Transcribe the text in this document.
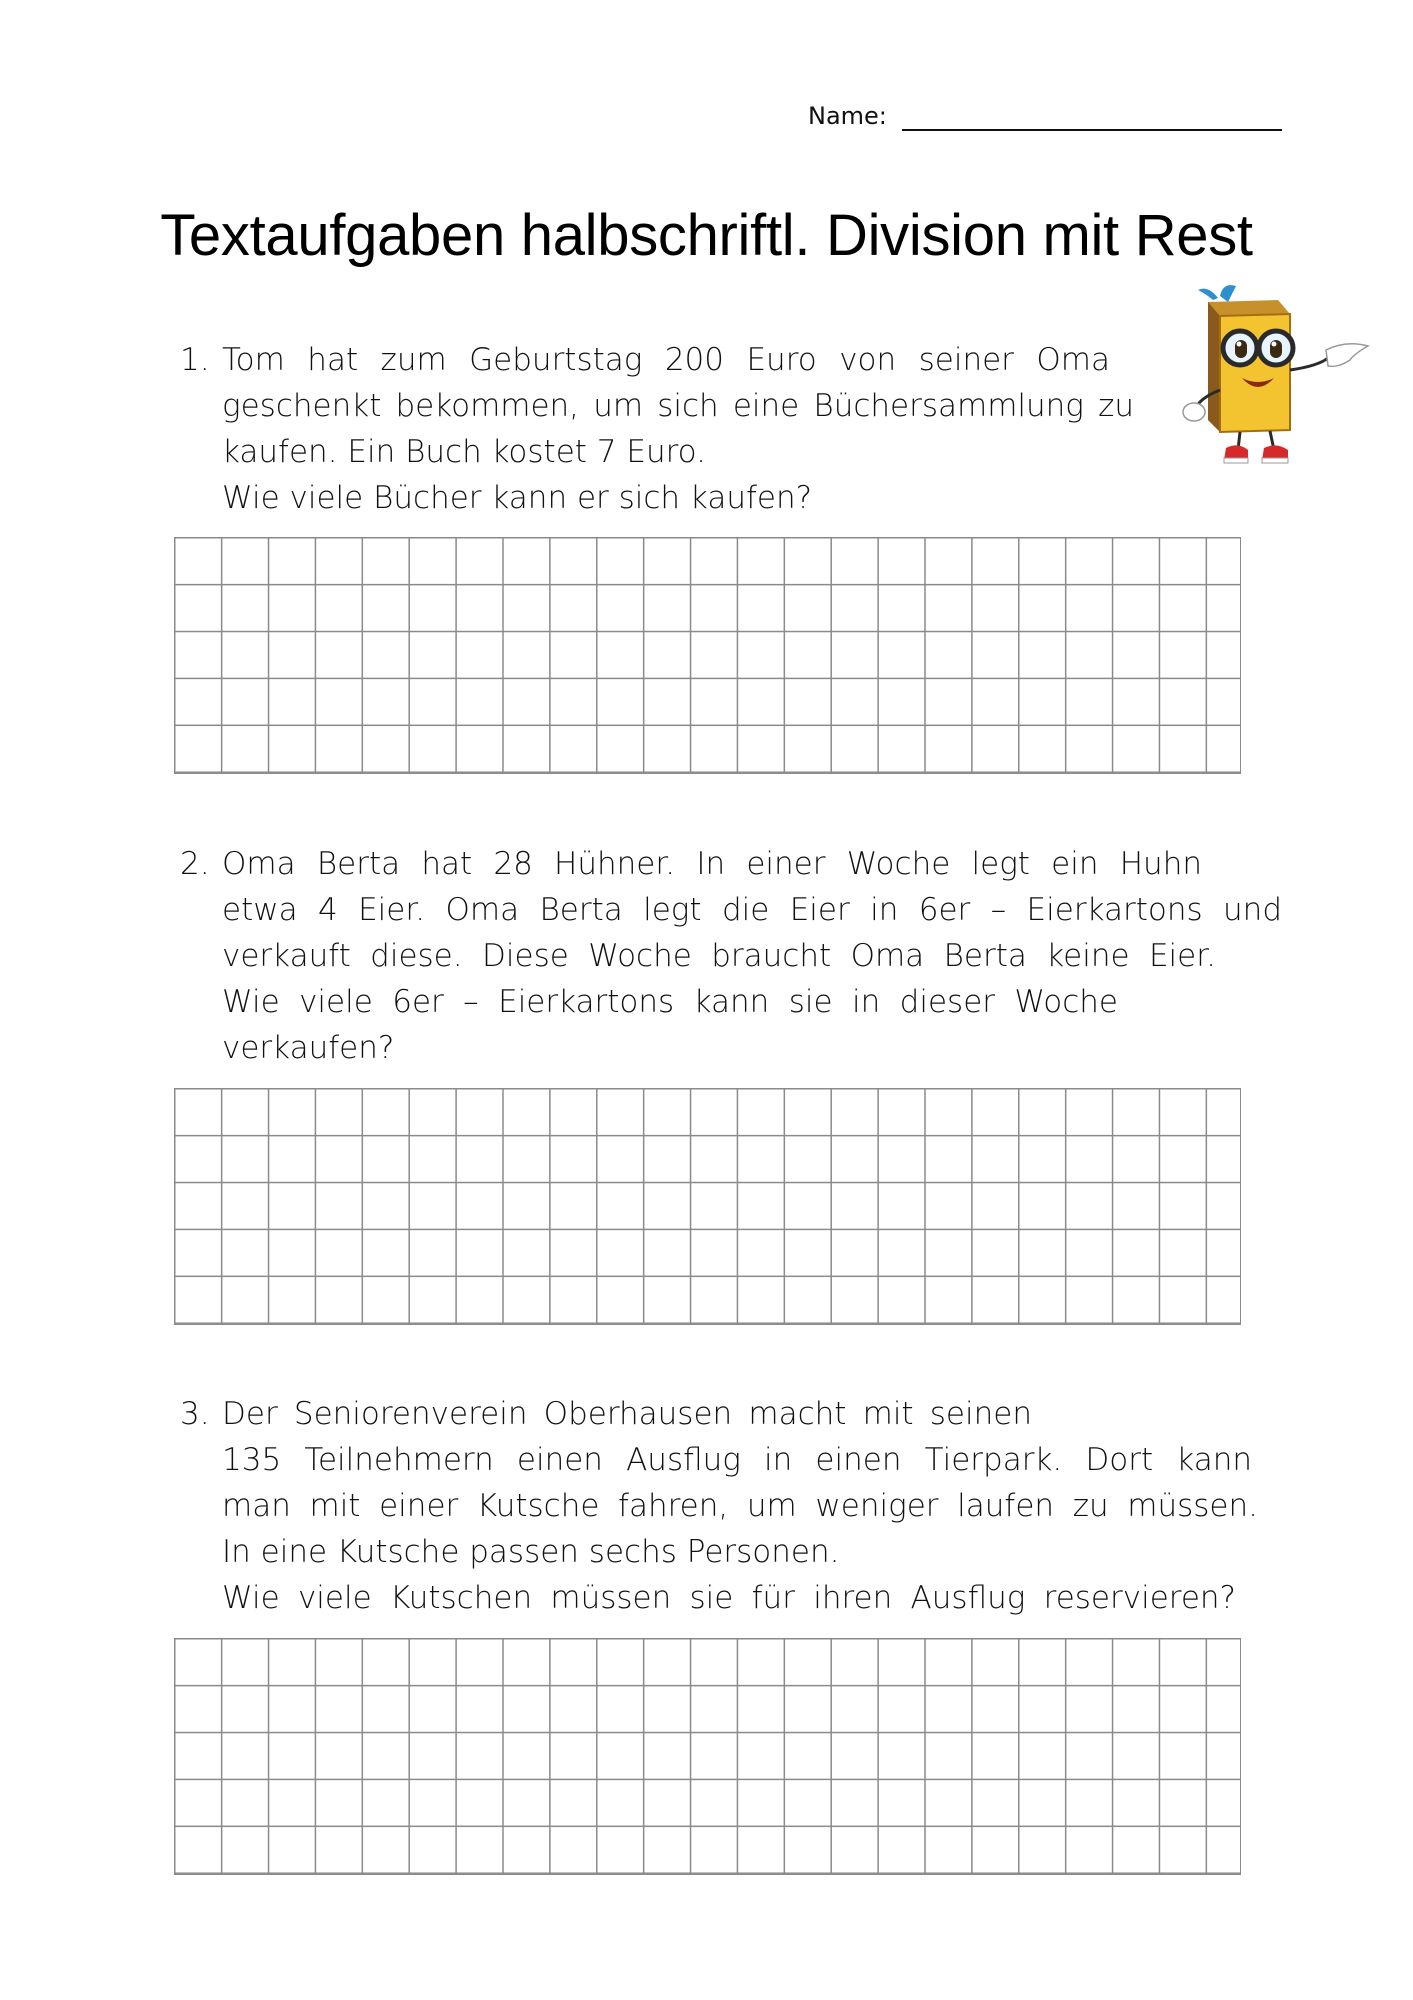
Name:
Textaufgaben halbschriftl. Division mit Rest
1. Tom hat zum Geburtstag 200 Euro von seiner Oma
geschenkt bekommen, um sich eine Büchersammlung zu
kaufen. Ein Buch kostet 7 Euro.
Wie viele Bücher kann er sich kaufen?
2. Oma Berta hat 28 Hühner. In einer Woche legt ein Huhn
etwa 4 Eier. Oma Berta legt die Eier in 6er – Eierkartons und
verkauft diese. Diese Woche braucht Oma Berta keine Eier.
Wie viele 6er – Eierkartons kann sie in dieser Woche
verkaufen?
3. Der Seniorenverein Oberhausen macht mit seinen
135 Teilnehmern einen Ausflug in einen Tierpark. Dort kann
man mit einer Kutsche fahren, um weniger laufen zu müssen.
In eine Kutsche passen sechs Personen.
Wie viele Kutschen müssen sie für ihren Ausflug reservieren?
